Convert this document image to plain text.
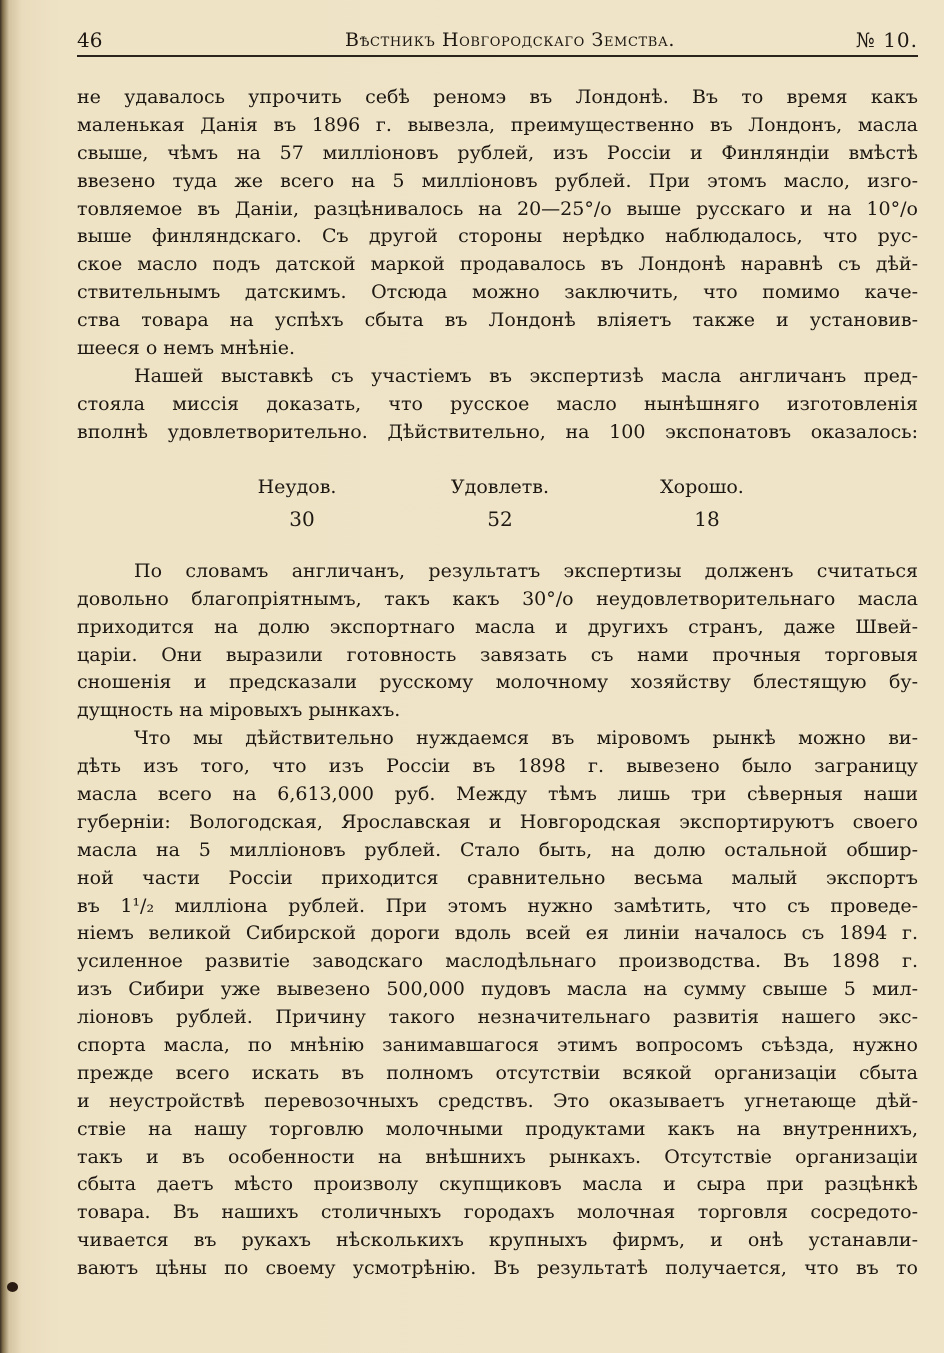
46	Вѣстникъ Новгородскаго Земства.	№ 10.
не удавалось упрочить себѣ реномэ въ Лондонѣ. Въ то время какъ
маленькая Данія въ 1896 г. вывезла, преимущественно въ Лондонъ, масла
свыше, чѣмъ на 57 милліоновъ рублей, изъ Россіи и Финляндіи вмѣстѣ
ввезено туда же всего на 5 милліоновъ рублей. При этомъ масло, изго-
товляемое въ Даніи, разцѣнивалось на 20—25°/о выше русскаго и на 10°/о
выше финляндскаго. Съ другой стороны нерѣдко наблюдалось, что рус-
ское масло подъ датской маркой продавалось въ Лондонѣ наравнѣ съ дѣй-
ствительнымъ датскимъ. Отсюда можно заключить, что помимо каче-
ства товара на успѣхъ сбыта въ Лондонѣ вліяетъ также и установив-
шееся о немъ мнѣніе.
Нашей выставкѣ съ участіемъ въ экспертизѣ масла англичанъ пред-
стояла миссія доказать, что русское масло нынѣшняго изготовленія
вполнѣ удовлетворительно. Дѣйствительно, на 100 экспонатовъ оказалось:
Неудов.	Удовлетв.	Хорошо.
30	52	18
По словамъ англичанъ, результатъ экспертизы долженъ считаться
довольно благопріятнымъ, такъ какъ 30°/о неудовлетворительнаго масла
приходится на долю экспортнаго масла и другихъ странъ, даже Швей-
царіи. Они выразили готовность завязать съ нами прочныя торговыя
сношенія и предсказали русскому молочному хозяйству блестящую бу-
дущность на міровыхъ рынкахъ.
Что мы дѣйствительно нуждаемся въ міровомъ рынкѣ можно ви-
дѣть изъ того, что изъ Россіи въ 1898 г. вывезено было заграницу
масла всего на 6,613,000 руб. Между тѣмъ лишь три сѣверныя наши
губерніи: Вологодская, Ярославская и Новгородская экспортируютъ своего
масла на 5 милліоновъ рублей. Стало быть, на долю остальной обшир-
ной части Россіи приходится сравнительно весьма малый экспортъ
въ 1¹/₂ милліона рублей. При этомъ нужно замѣтить, что съ проведе-
ніемъ великой Сибирской дороги вдоль всей ея линіи началось съ 1894 г.
усиленное развитіе заводскаго маслодѣльнаго производства. Въ 1898 г.
изъ Сибири уже вывезено 500,000 пудовъ масла на сумму свыше 5 мил-
ліоновъ рублей. Причину такого незначительнаго развитія нашего экс-
спорта масла, по мнѣнію занимавшагося этимъ вопросомъ съѣзда, нужно
прежде всего искать въ полномъ отсутствіи всякой организаціи сбыта
и неустройствѣ перевозочныхъ средствъ. Это оказываетъ угнетающе дѣй-
ствіе на нашу торговлю молочными продуктами какъ на внутреннихъ,
такъ и въ особенности на внѣшнихъ рынкахъ. Отсутствіе организаціи
сбыта даетъ мѣсто произволу скупщиковъ масла и сыра при разцѣнкѣ
товара. Въ нашихъ столичныхъ городахъ молочная торговля сосредото-
чивается въ рукахъ нѣсколькихъ крупныхъ фирмъ, и онѣ устанавли-
ваютъ цѣны по своему усмотрѣнію. Въ результатѣ получается, что въ то
